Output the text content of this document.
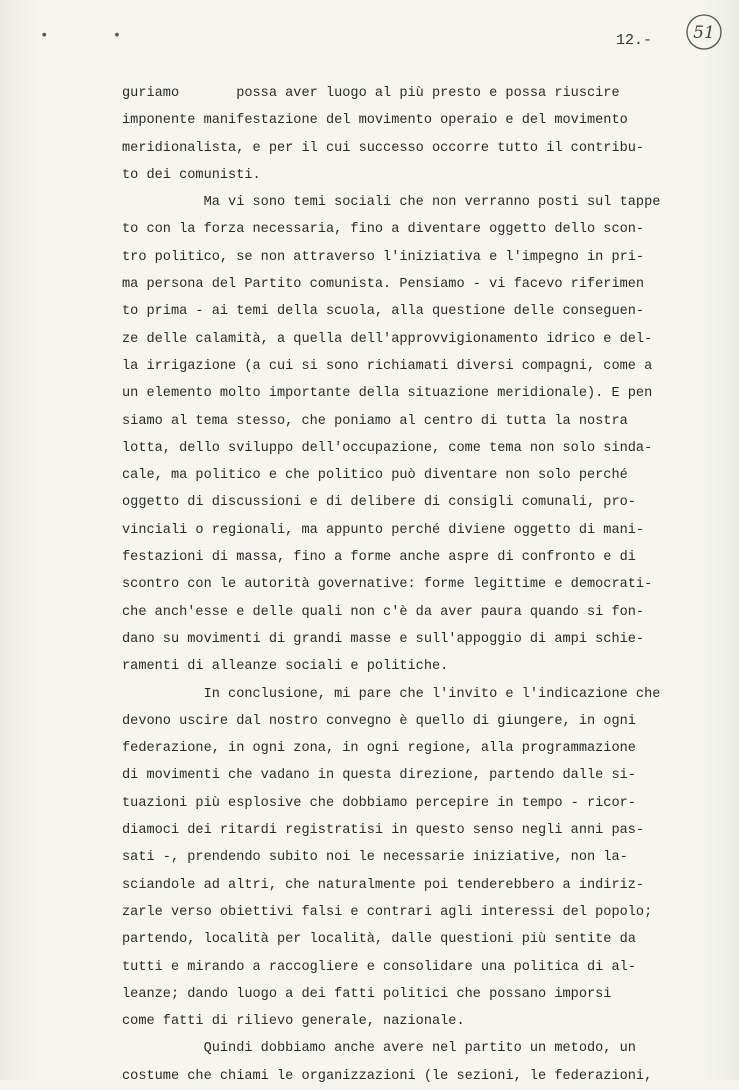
• •	12.- 51
guriamo       possa aver luogo al più presto e possa riuscire
imponente manifestazione del movimento operaio e del movimento
meridionalista, e per il cui successo occorre tutto il contribu-
to dei comunisti.
Ma vi sono temi sociali che non verranno posti sul tappe
to con la forza necessaria, fino a diventare oggetto dello scon-
tro politico, se non attraverso l'iniziativa e l'impegno in pri-
ma persona del Partito comunista. Pensiamo - vi facevo riferimen
to prima - ai temi della scuola, alla questione delle conseguen-
ze delle calamità, a quella dell'approvvigionamento idrico e del-
la irrigazione (a cui si sono richiamati diversi compagni, come a
un elemento molto importante della situazione meridionale). E pen
siamo al tema stesso, che poniamo al centro di tutta la nostra
lotta, dello sviluppo dell'occupazione, come tema non solo sinda-
cale, ma politico e che politico può diventare non solo perché
oggetto di discussioni e di delibere di consigli comunali, pro-
vinciali o regionali, ma appunto perché diviene oggetto di mani-
festazioni di massa, fino a forme anche aspre di confronto e di
scontro con le autorità governative: forme legittime e democrati-
che anch'esse e delle quali non c'è da aver paura quando si fon-
dano su movimenti di grandi masse e sull'appoggio di ampi schie-
ramenti di alleanze sociali e politiche.
In conclusione, mi pare che l'invito e l'indicazione che
devono uscire dal nostro convegno è quello di giungere, in ogni
federazione, in ogni zona, in ogni regione, alla programmazione
di movimenti che vadano in questa direzione, partendo dalle si-
tuazioni più esplosive che dobbiamo percepire in tempo - ricor-
diamoci dei ritardi registratisi in questo senso negli anni pas-
sati -, prendendo subito noi le necessarie iniziative, non la-
sciandole ad altri, che naturalmente poi tenderebbero a indiriz-
zarle verso obiettivi falsi e contrari agli interessi del popolo;
partendo, località per località, dalle questioni più sentite da
tutti e mirando a raccogliere e consolidare una politica di al-
leanze; dando luogo a dei fatti politici che possano imporsi
come fatti di rilievo generale, nazionale.
Quindi dobbiamo anche avere nel partito un metodo, un
costume che chiami le organizzazioni (le sezioni, le federazioni,
